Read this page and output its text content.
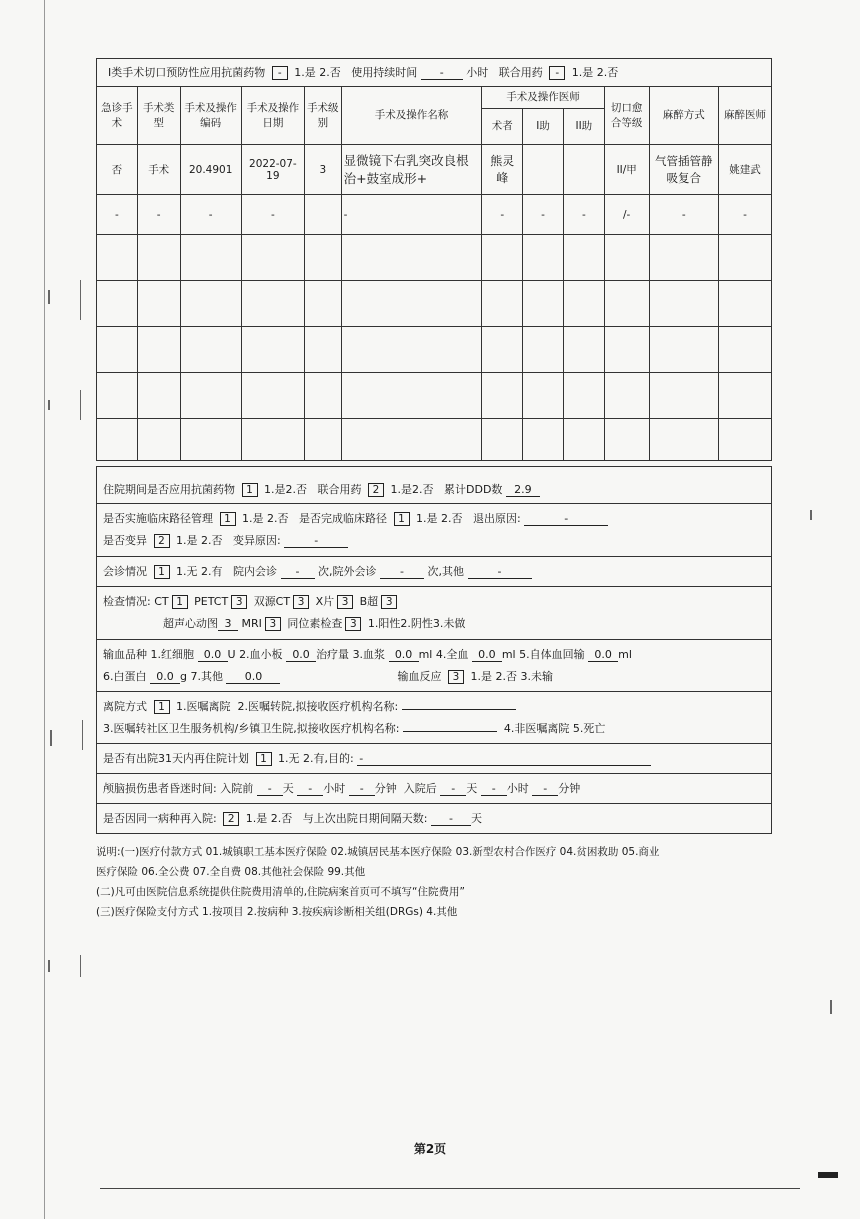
I类手术切口预防性应用抗菌药物 - 1.是 2.否 使用持续时间 - 小时 联合用药 - 1.是 2.否
急诊手术	手术类型	手术及操作编码	手术及操作日期	手术级别	手术及操作名称	手术及操作医师			切口愈合等级	麻醉方式	麻醉医师
						术者	I助	II助			
否	手术	20.4901	2022-07-19	3	显微镜下右乳突改良根治+鼓室成形+	熊灵峰			II/甲	气管插管静吸复合	姚建武
-	-	-	-		-	-	-	-	/-	-	-

住院期间是否应用抗菌药物 1 1.是2.否 联合用药 2 1.是2.否 累计DDD数 2.9
是否实施临床路径管理 1 1.是 2.否 是否完成临床路径 1 1.是 2.否 退出原因:	-
是否变异 2 1.是 2.否 变异原因:	-
会诊情况 1 1.无 2.有 院内会诊 - 次,院外会诊 - 次,其他	-
检查情况: CT 1 PETCT 3 双源CT 3 X片 3 B超 3
超声心动图 3 MRI 3 同位素检查 3 1.阳性2.阴性3.未做
输血品种 1.红细胞 0.0 U 2.血小板 0.0 治疗量 3.血浆 0.0 ml 4.全血 0.0 ml 5.自体血回输 0.0 ml
6.白蛋白 0.0 g 7.其他 0.0	输血反应 3 1.是 2.否 3.未输
离院方式 1 1.医嘱离院 2.医嘱转院,拟接收医疗机构名称:
3.医嘱转社区卫生服务机构/乡镇卫生院,拟接收医疗机构名称:	4.非医嘱离院 5.死亡
是否有出院31天内再住院计划 1 1.无 2.有,目的: -
颅脑损伤患者昏迷时间: 入院前 - 天 - 小时 - 分钟 入院后 - 天 - 小时 - 分钟
是否因同一病种再入院: 2 1.是 2.否 与上次出院日期间隔天数: - 天
说明:(一)医疗付款方式 01.城镇职工基本医疗保险 02.城镇居民基本医疗保险 03.新型农村合作医疗 04.贫困救助 05.商业
医疗保险 06.全公费 07.全自费 08.其他社会保险 99.其他
(二)凡可由医院信息系统提供住院费用清单的,住院病案首页可不填写“住院费用”
(三)医疗保险支付方式 1.按项目 2.按病种 3.按疾病诊断相关组(DRGs) 4.其他
第2页
